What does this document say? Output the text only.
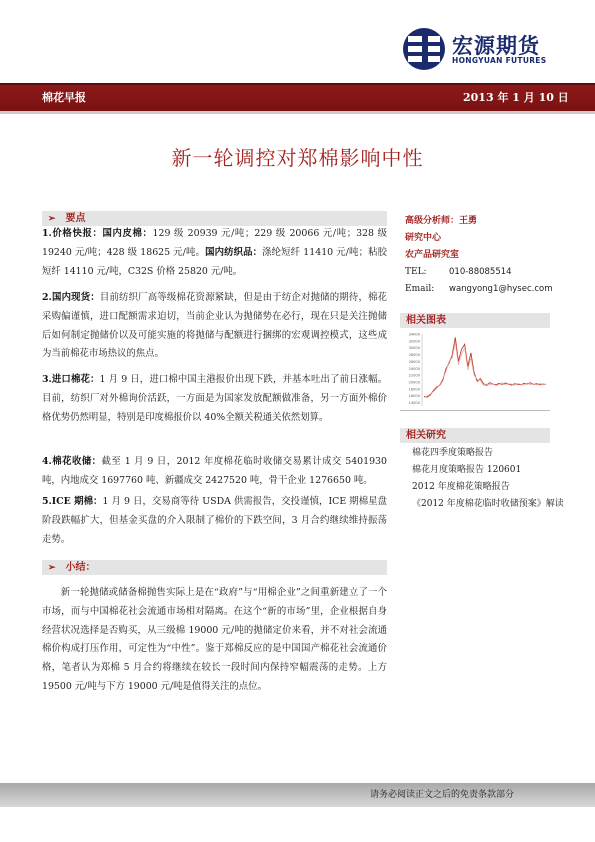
宏源期货
HONGYUAN FUTURES
棉花早报	2013 年 1 月 10 日
新一轮调控对郑棉影响中性
➢ 要点
1.价格快报：国内皮棉：129 级 20939 元/吨；229 级 20066 元/吨；328 级 19240 元/吨；428 级 18625 元/吨。国内纺织品：涤纶短纤 11410 元/吨；粘胶短纤 14110 元/吨，C32S 价格 25820 元/吨。
2.国内现货：目前纺织厂高等级棉花资源紧缺，但是由于纺企对抛储的期待，棉花采购偏谨慎，进口配额需求迫切，当前企业认为抛储势在必行，现在只是关注抛储后如何制定抛储价以及可能实施的将抛储与配额进行捆绑的宏观调控模式，这些成为当前棉花市场热议的焦点。
3.进口棉花：1 月 9 日，进口棉中国主港报价出现下跌，并基本吐出了前日涨幅。目前，纺织厂对外棉询价活跃，一方面是为国家发放配额做准备，另一方面外棉价格优势仍然明显，特别是印度棉报价以 40%全额关税通关依然划算。
4.棉花收储：截至 1 月 9 日，2012 年度棉花临时收储交易累计成交 5401930 吨，内地成交 1697760 吨、新疆成交 2427520 吨，骨干企业 1276650 吨。
5.ICE 期棉：1 月 9 日，交易商等待 USDA 供需报告，交投谨慎，ICE 期棉星盘阶段跌幅扩大，但基金买盘的介入限制了棉价的下跌空间，3 月合约继续维持振荡走势。
➢ 小结：
新一轮抛储或储备棉抛售实际上是在“政府”与“用棉企业”之间重新建立了一个市场，而与中国棉花社会流通市场相对隔离。在这个“新的市场”里，企业根据自身经营状况选择是否购买，从三级棉 19000 元/吨的抛储定价来看，并不对社会流通棉价构成打压作用，可定性为“中性”。鉴于郑棉反应的是中国国产棉花社会流通价格，笔者认为郑棉 5 月合约将继续在较长一段时间内保持窄幅震荡的走势。上方 19500 元/吨与下方 19000 元/吨是值得关注的点位。
高级分析师：王勇
研究中心
农产品研究室
TEL:	010-88085514
Email: wangyong1@hysec.com
相关图表
34000
32000
30000
28000
26000
24000
22000
20000
18000
16000
14000
相关研究
棉花四季度策略报告
棉花月度策略报告 120601
2012 年度棉花策略报告
《2012 年度棉花临时收储预案》解读
请务必阅读正文之后的免责条款部分
